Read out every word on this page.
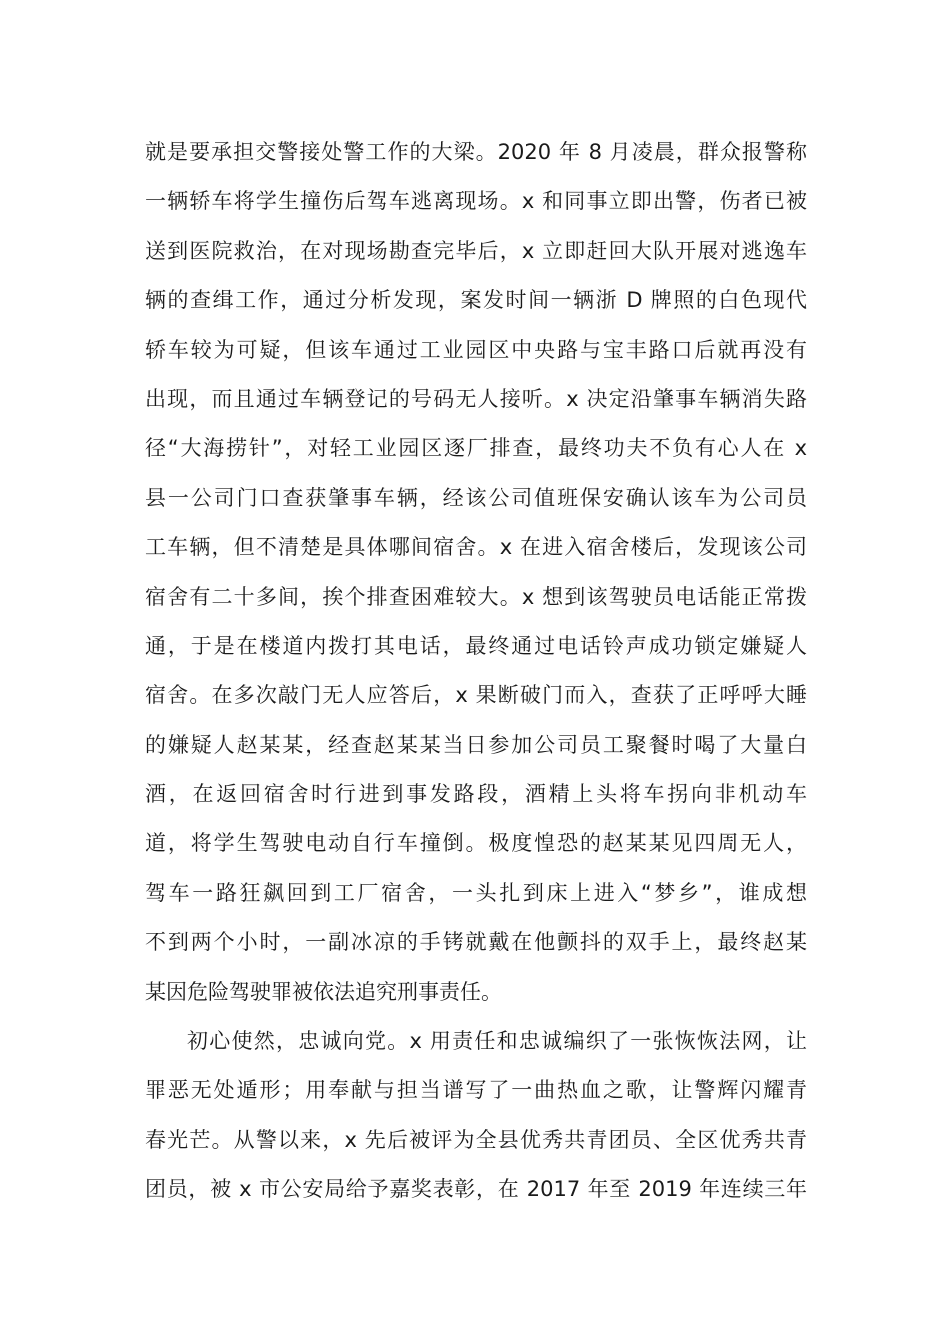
就是要承担交警接处警工作的大梁。2020 年 8 月凌晨，群众报警称
一辆轿车将学生撞伤后驾车逃离现场。x 和同事立即出警，伤者已被
送到医院救治，在对现场勘查完毕后，x 立即赶回大队开展对逃逸车
辆的查缉工作，通过分析发现，案发时间一辆浙 D 牌照的白色现代
轿车较为可疑，但该车通过工业园区中央路与宝丰路口后就再没有
出现，而且通过车辆登记的号码无人接听。x 决定沿肇事车辆消失路
径“大海捞针”，对轻工业园区逐厂排查，最终功夫不负有心人在 x
县一公司门口查获肇事车辆，经该公司值班保安确认该车为公司员
工车辆，但不清楚是具体哪间宿舍。x 在进入宿舍楼后，发现该公司
宿舍有二十多间，挨个排查困难较大。x 想到该驾驶员电话能正常拨
通，于是在楼道内拨打其电话，最终通过电话铃声成功锁定嫌疑人
宿舍。在多次敲门无人应答后，x 果断破门而入，查获了正呼呼大睡
的嫌疑人赵某某，经查赵某某当日参加公司员工聚餐时喝了大量白
酒，在返回宿舍时行进到事发路段，酒精上头将车拐向非机动车
道，将学生驾驶电动自行车撞倒。极度惶恐的赵某某见四周无人，
驾车一路狂飙回到工厂宿舍，一头扎到床上进入“梦乡”，谁成想
不到两个小时，一副冰凉的手铐就戴在他颤抖的双手上，最终赵某
某因危险驾驶罪被依法追究刑事责任。
初心使然，忠诚向党。x 用责任和忠诚编织了一张恢恢法网，让
罪恶无处遁形；用奉献与担当谱写了一曲热血之歌，让警辉闪耀青
春光芒。从警以来，x 先后被评为全县优秀共青团员、全区优秀共青
团员，被 x 市公安局给予嘉奖表彰，在 2017 年至 2019 年连续三年
